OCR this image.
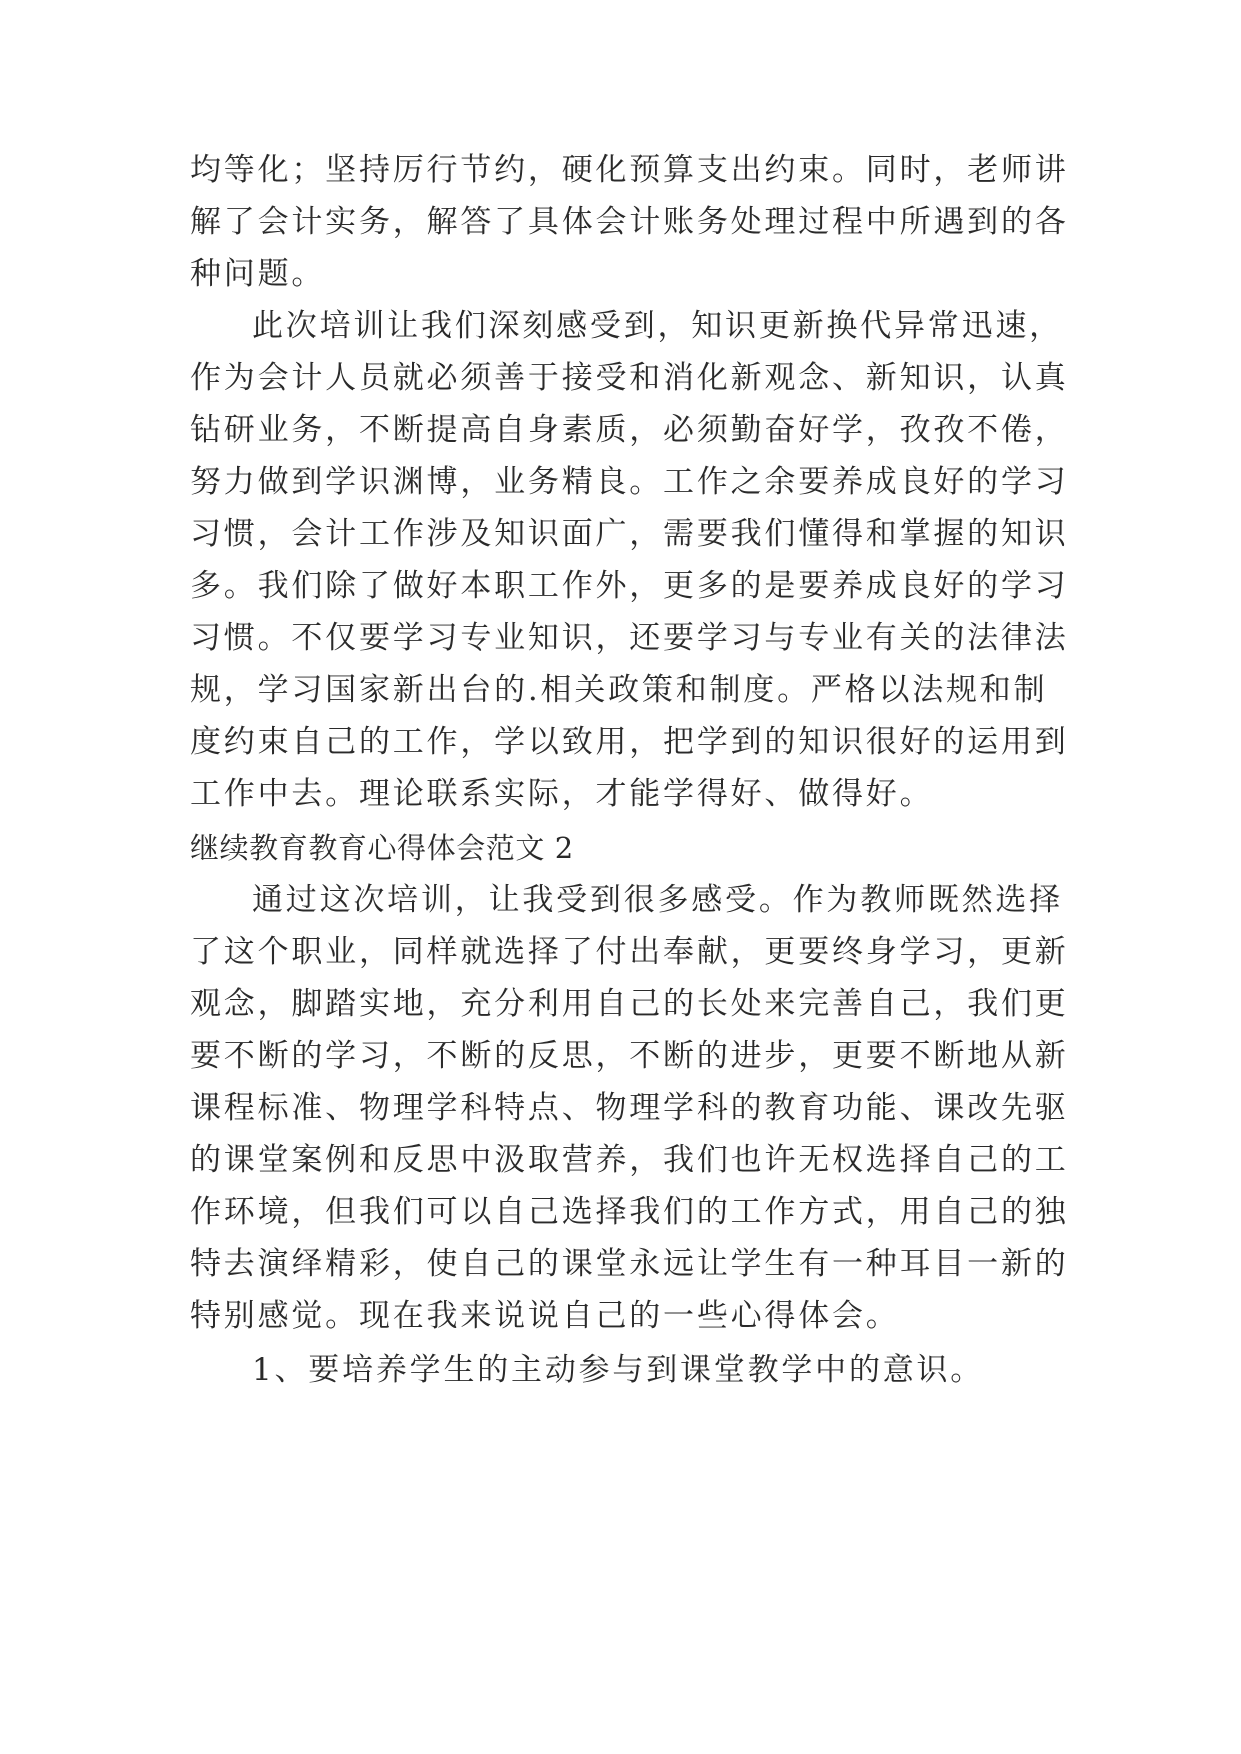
均等化；坚持厉行节约，硬化预算支出约束。同时，老师讲
解了会计实务，解答了具体会计账务处理过程中所遇到的各
种问题。
此次培训让我们深刻感受到，知识更新换代异常迅速，
作为会计人员就必须善于接受和消化新观念、新知识，认真
钻研业务，不断提高自身素质，必须勤奋好学，孜孜不倦，
努力做到学识渊博，业务精良。工作之余要养成良好的学习
习惯，会计工作涉及知识面广，需要我们懂得和掌握的知识
多。我们除了做好本职工作外，更多的是要养成良好的学习
习惯。不仅要学习专业知识，还要学习与专业有关的法律法
规，学习国家新出台的.相关政策和制度。严格以法规和制
度约束自己的工作，学以致用，把学到的知识很好的运用到
工作中去。理论联系实际，才能学得好、做得好。
继续教育教育心得体会范文 2
通过这次培训，让我受到很多感受。作为教师既然选择
了这个职业，同样就选择了付出奉献，更要终身学习，更新
观念，脚踏实地，充分利用自己的长处来完善自己，我们更
要不断的学习，不断的反思，不断的进步，更要不断地从新
课程标准、物理学科特点、物理学科的教育功能、课改先驱
的课堂案例和反思中汲取营养，我们也许无权选择自己的工
作环境，但我们可以自己选择我们的工作方式，用自己的独
特去演绎精彩，使自己的课堂永远让学生有一种耳目一新的
特别感觉。现在我来说说自己的一些心得体会。
1、要培养学生的主动参与到课堂教学中的意识。
